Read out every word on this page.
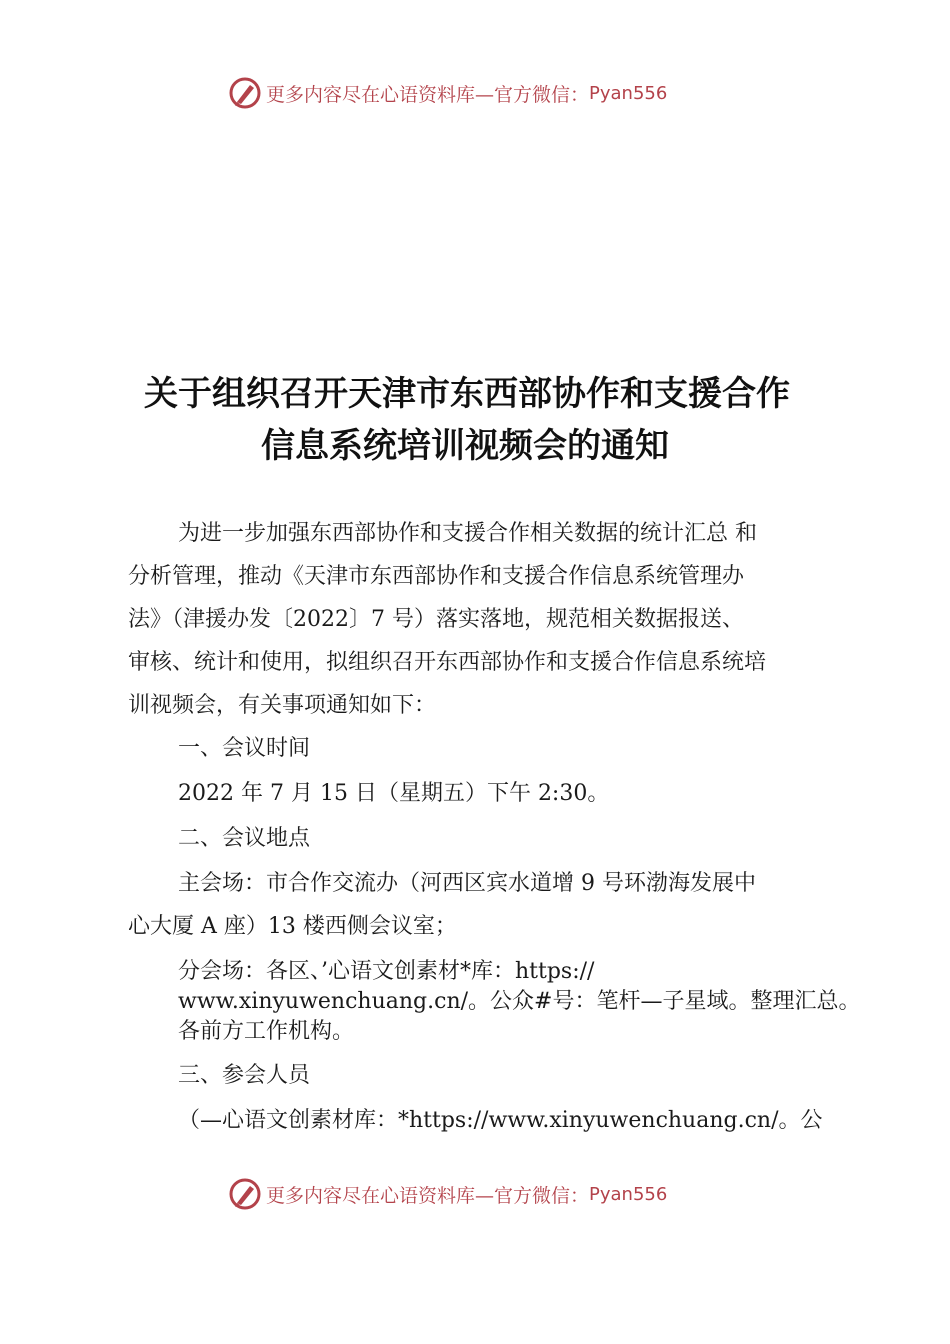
更多内容尽在心语资料库—官方微信： Pyan556
关于组织召开天津市东西部协作和支援合作
信息系统培训视频会的通知
为进一步加强东西部协作和支援合作相关数据的统计汇总 和
分析管理，推动《天津市东西部协作和支援合作信息系统管理办
法》（津援办发〔2022〕7 号）落实落地，规范相关数据报送、
审核、统计和使用，拟组织召开东西部协作和支援合作信息系统培
训视频会，有关事项通知如下：
一、会议时间
2022 年 7 月 15 日（星期五）下午 2:30。
二、会议地点
主会场：市合作交流办（河西区宾水道增 9 号环渤海发展中
心大厦 A 座）13 楼西侧会议室；
分会场：各区、’心语文创素材*库：https://
www.xinyuwenchuang.cn/。公众#号：笔杆—子星域。整理汇总。
各前方工作机构。
三、参会人员
（—心语文创素材库：*https://www.xinyuwenchuang.cn/。公
更多内容尽在心语资料库—官方微信： Pyan556
